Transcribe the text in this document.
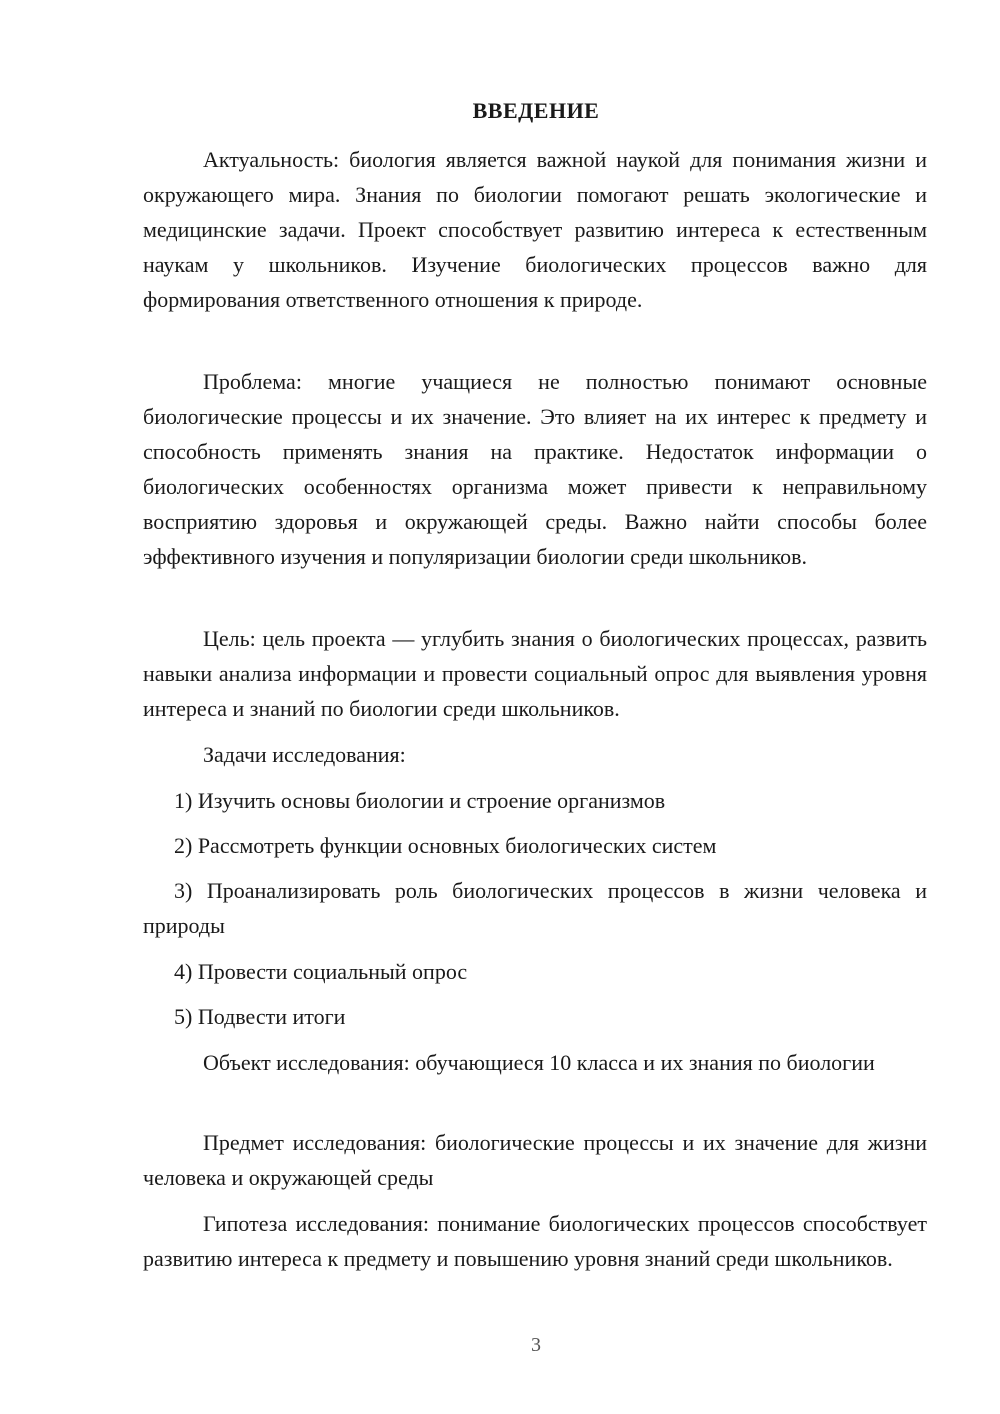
ВВЕДЕНИЕ

Актуальность: биология является важной наукой для понимания жизни и окружающего мира. Знания по биологии помогают решать экологические и медицинские задачи. Проект способствует развитию интереса к естественным наукам у школьников. Изучение биологических процессов важно для формирования ответственного отношения к природе.

Проблема: многие учащиеся не полностью понимают основные биологические процессы и их значение. Это влияет на их интерес к предмету и способность применять знания на практике. Недостаток информации о биологических особенностях организма может привести к неправильному восприятию здоровья и окружающей среды. Важно найти способы более эффективного изучения и популяризации биологии среди школьников.

Цель: цель проекта — углубить знания о биологических процессах, развить навыки анализа информации и провести социальный опрос для выявления уровня интереса и знаний по биологии среди школьников.

Задачи исследования:

1) Изучить основы биологии и строение организмов

2) Рассмотреть функции основных биологических систем

3) Проанализировать роль биологических процессов в жизни человека и природы

4) Провести социальный опрос

5) Подвести итоги

Объект исследования: обучающиеся 10 класса и их знания по биологии

Предмет исследования: биологические процессы и их значение для жизни человека и окружающей среды

Гипотеза исследования: понимание биологических процессов способствует развитию интереса к предмету и повышению уровня знаний среди школьников.

3
